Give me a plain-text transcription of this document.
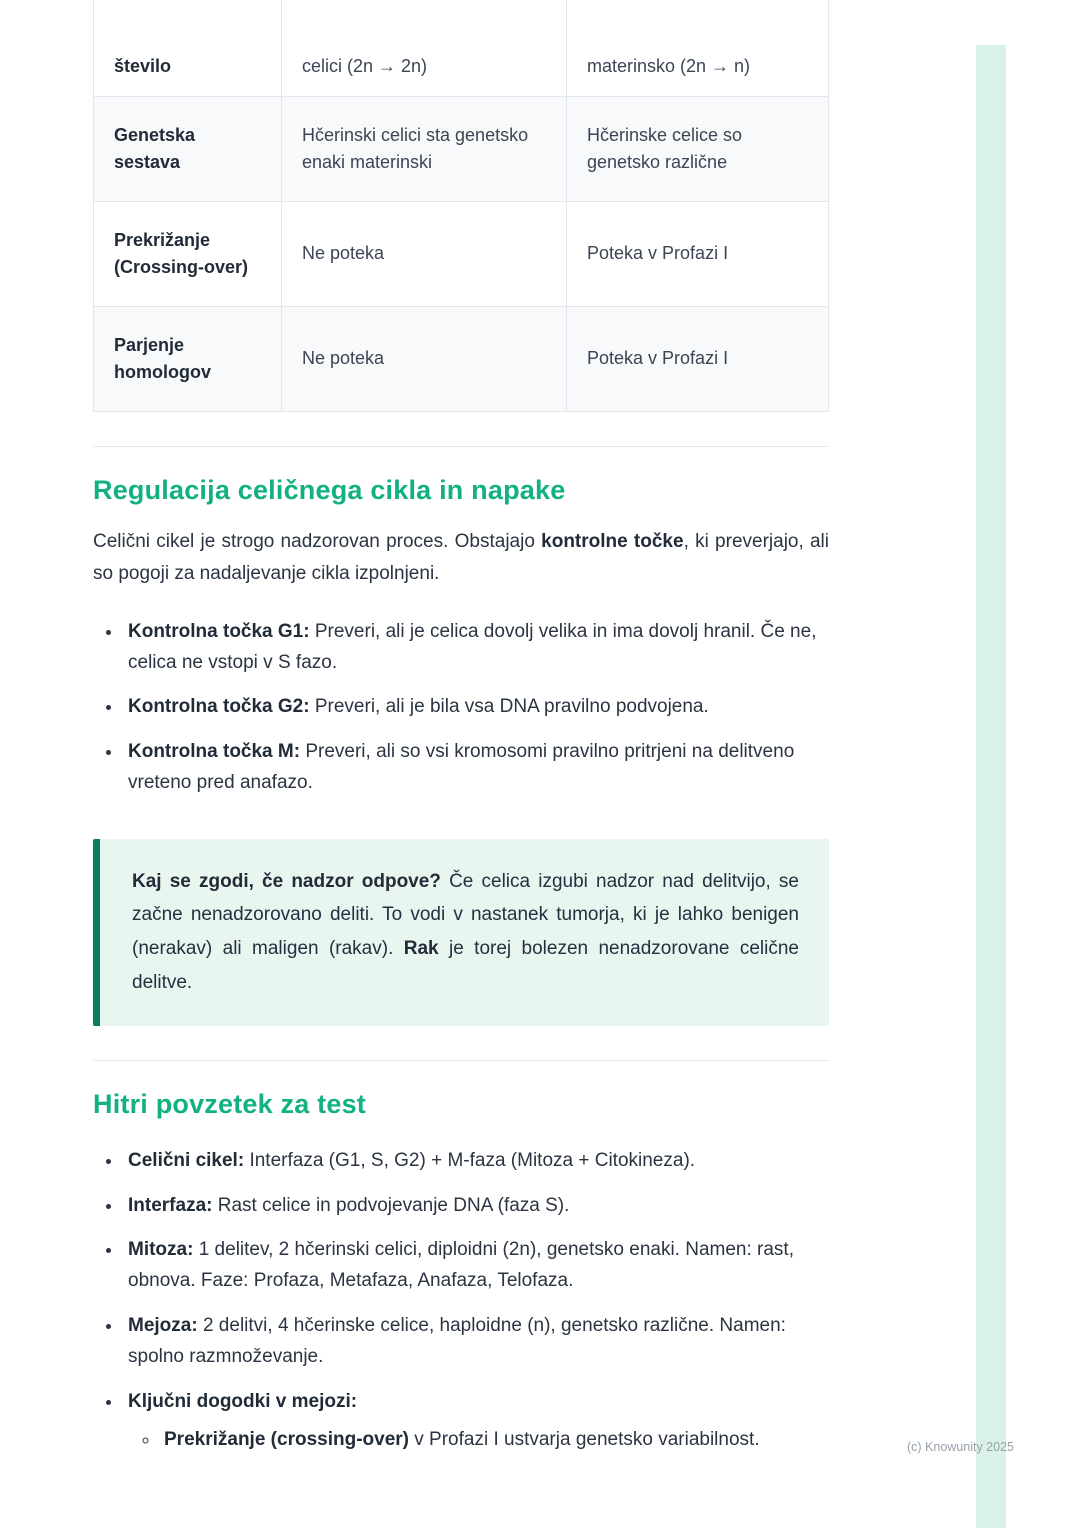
število	celici (2n → 2n)	materinsko (2n → n)
Genetska sestava	Hčerinski celici sta genetsko enaki materinski	Hčerinske celice so genetsko različne
Prekrižanje (Crossing-over)	Ne poteka	Poteka v Profazi I
Parjenje homologov	Ne poteka	Poteka v Profazi I
Regulacija celičnega cikla in napake

Celični cikel je strogo nadzorovan proces. Obstajajo kontrolne točke, ki preverjajo, ali so pogoji za nadaljevanje cikla izpolnjeni.

• Kontrolna točka G1: Preveri, ali je celica dovolj velika in ima dovolj hranil. Če ne, celica ne vstopi v S fazo.
• Kontrolna točka G2: Preveri, ali je bila vsa DNA pravilno podvojena.
• Kontrolna točka M: Preveri, ali so vsi kromosomi pravilno pritrjeni na delitveno vreteno pred anafazo.
Kaj se zgodi, če nadzor odpove? Če celica izgubi nadzor nad delitvijo, se začne nenadzorovano deliti. To vodi v nastanek tumorja, ki je lahko benigen (nerakav) ali maligen (rakav). Rak je torej bolezen nenadzorovane celične delitve.
Hitri povzetek za test
• Celični cikel: Interfaza (G1, S, G2) + M-faza (Mitoza + Citokineza).
• Interfaza: Rast celice in podvojevanje DNA (faza S).
• Mitoza: 1 delitev, 2 hčerinski celici, diploidni (2n), genetsko enaki. Namen: rast, obnova. Faze: Profaza, Metafaza, Anafaza, Telofaza.
• Mejoza: 2 delitvi, 4 hčerinske celice, haploidne (n), genetsko različne. Namen: spolno razmnoževanje.
• Ključni dogodki v mejozi:
◦ Prekrižanje (crossing-over) v Profazi I ustvarja genetsko variabilnost.	(c) Knowunity 2025
